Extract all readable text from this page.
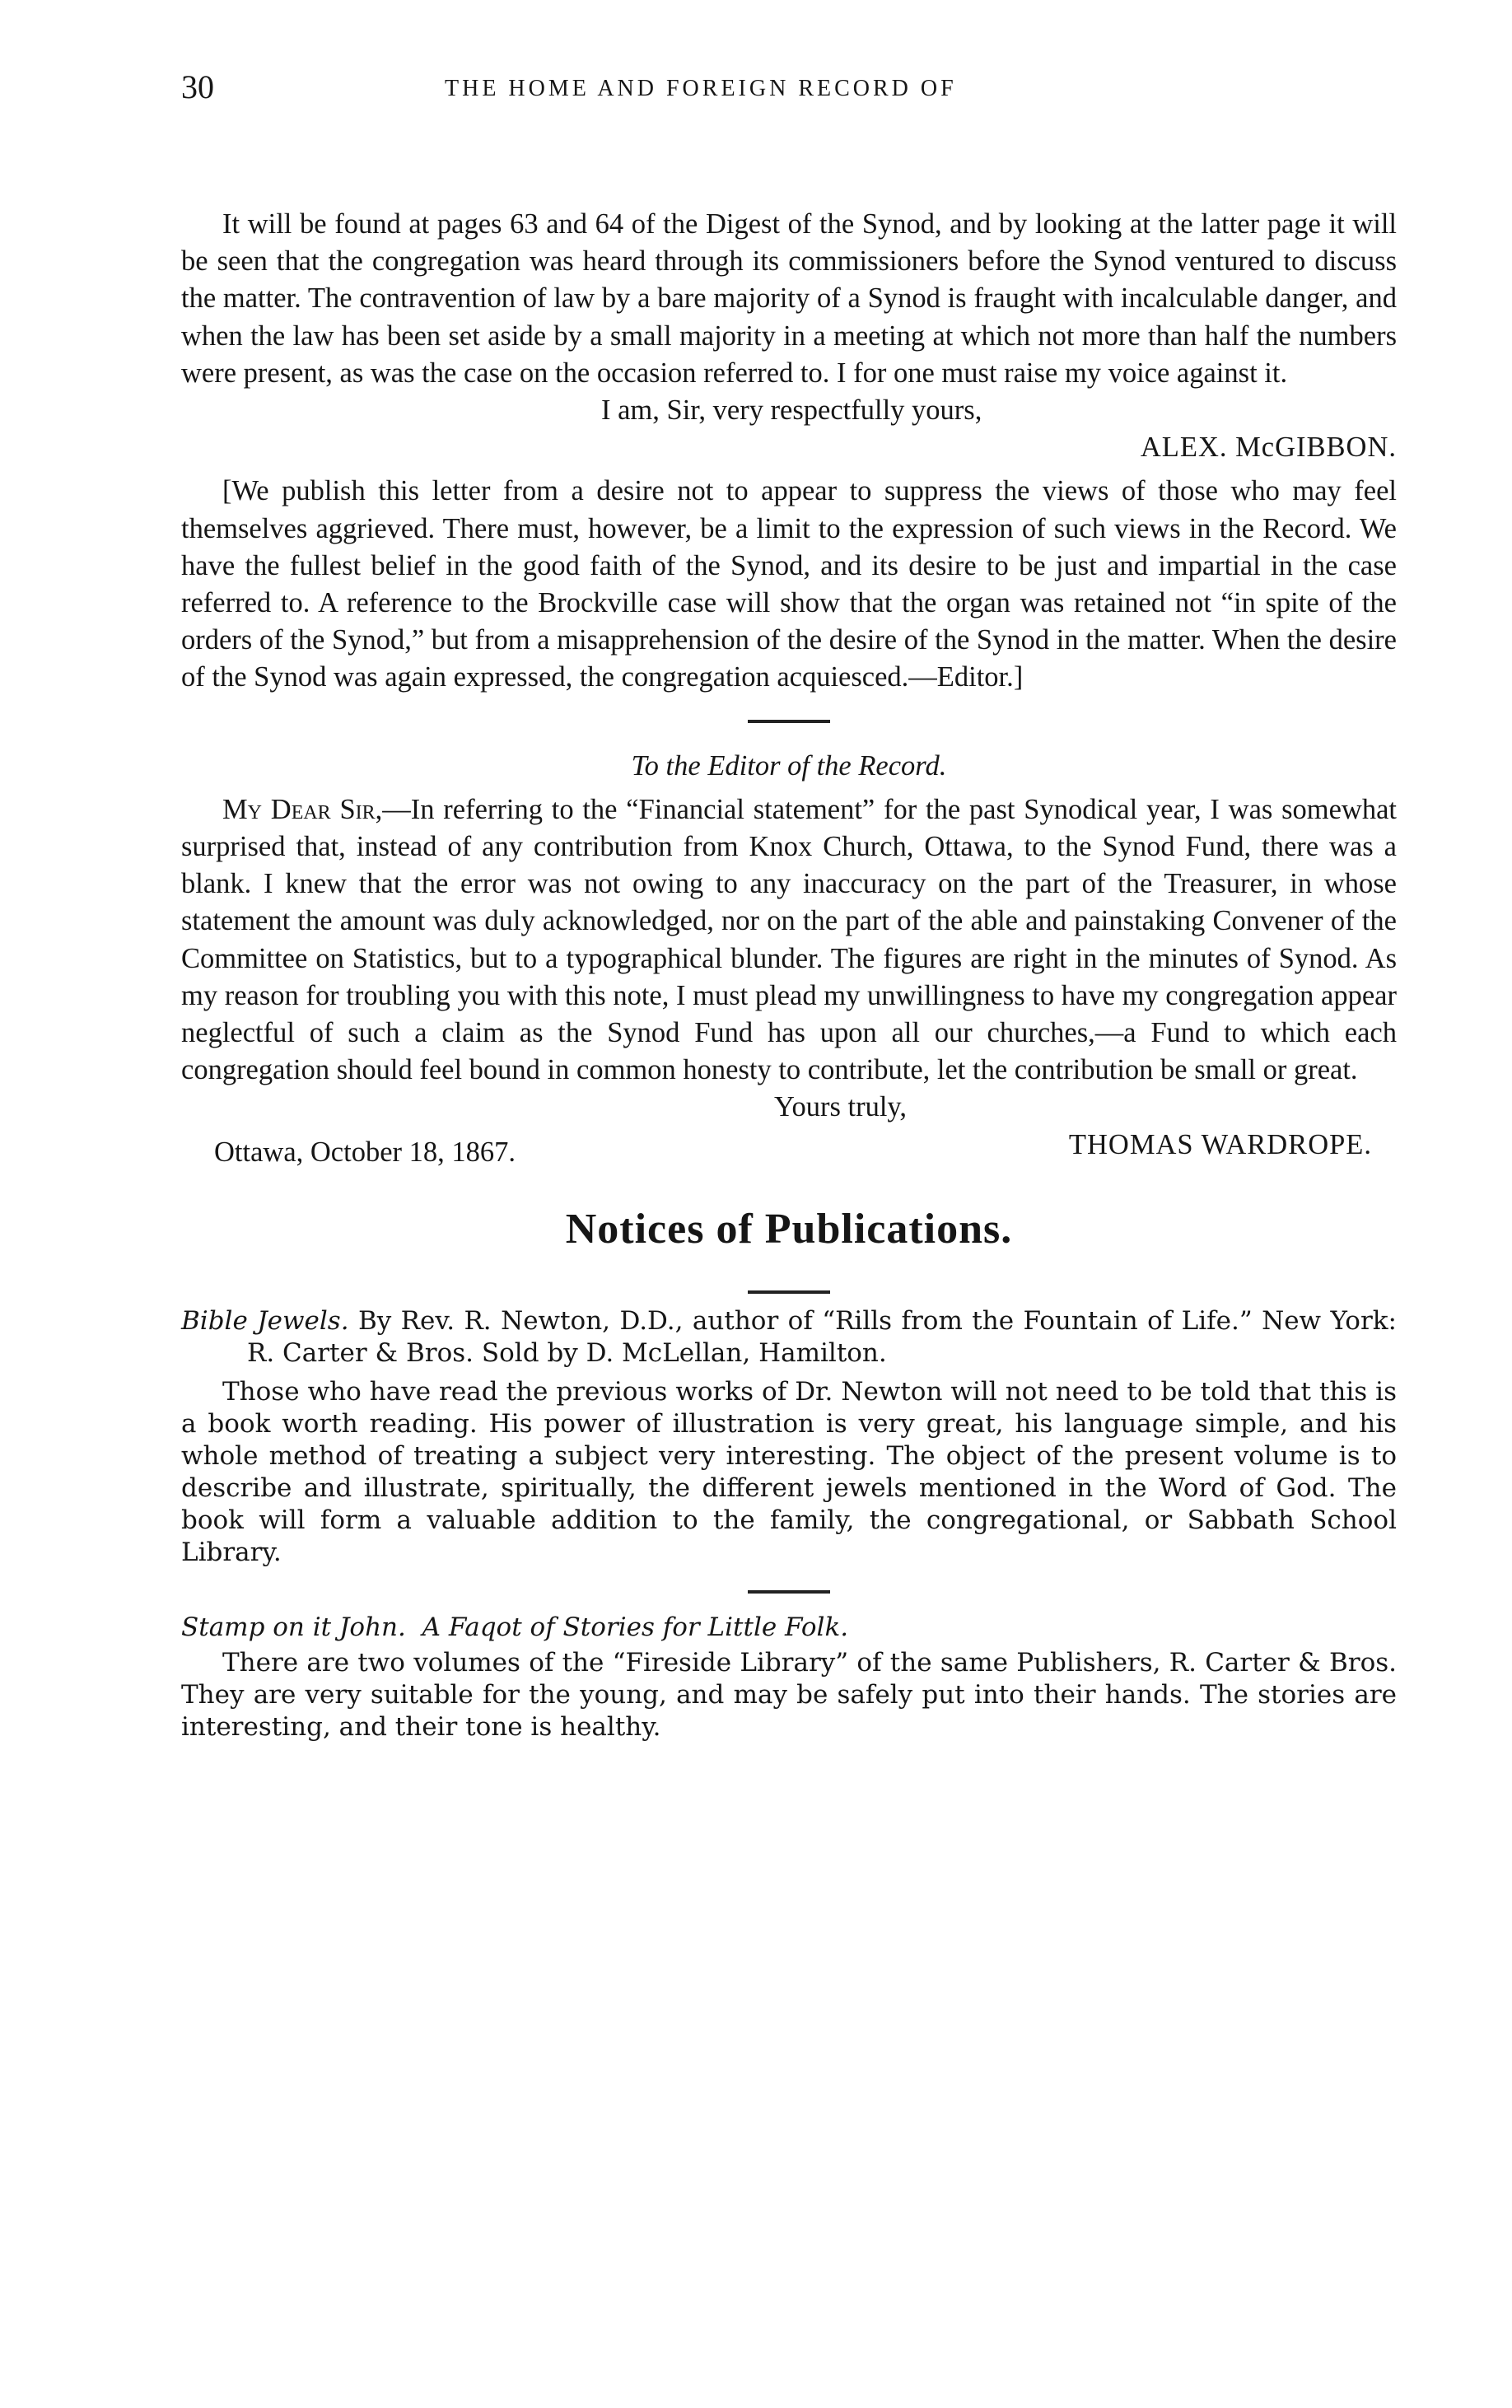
30	THE HOME AND FOREIGN RECORD OF

It will be found at pages 63 and 64 of the Digest of the Synod, and by looking at the latter page it will be seen that the congregation was heard through its commissioners before the Synod ventured to discuss the matter. The contravention of law by a bare majority of a Synod is fraught with incalculable danger, and when the law has been set aside by a small majority in a meeting at which not more than half the numbers were present, as was the case on the occasion referred to. I for one must raise my voice against it.

I am, Sir, very respectfully yours,

ALEX. McGIBBON.

[We publish this letter from a desire not to appear to suppress the views of those who may feel themselves aggrieved. There must, however, be a limit to the expression of such views in the Record. We have the fullest belief in the good faith of the Synod, and its desire to be just and impartial in the case referred to. A reference to the Brockville case will show that the organ was retained not “in spite of the orders of the Synod,” but from a misapprehension of the desire of the Synod in the matter. When the desire of the Synod was again expressed, the congregation acquiesced.—Editor.]

To the Editor of the Record.

My Dear Sir,—In referring to the “Financial statement” for the past Synodical year, I was somewhat surprised that, instead of any contribution from Knox Church, Ottawa, to the Synod Fund, there was a blank. I knew that the error was not owing to any inaccuracy on the part of the Treasurer, in whose statement the amount was duly acknowledged, nor on the part of the able and painstaking Convener of the Committee on Statistics, but to a typographical blunder. The figures are right in the minutes of Synod. As my reason for troubling you with this note, I must plead my unwillingness to have my congregation appear neglectful of such a claim as the Synod Fund has upon all our churches,—a Fund to which each congregation should feel bound in common honesty to contribute, let the contribution be small or great.

Yours truly,

THOMAS WARDROPE.

Ottawa, October 18, 1867.

Notices of Publications.

Bible Jewels. By Rev. R. Newton, D.D., author of “Rills from the Fountain of Life.” New York: R. Carter & Bros. Sold by D. McLellan, Hamilton.

Those who have read the previous works of Dr. Newton will not need to be told that this is a book worth reading. His power of illustration is very great, his language simple, and his whole method of treating a subject very interesting. The object of the present volume is to describe and illustrate, spiritually, the different jewels mentioned in the Word of God. The book will form a valuable addition to the family, the congregational, or Sabbath School Library.

Stamp on it John. A Faqot of Stories for Little Folk.

There are two volumes of the “Fireside Library” of the same Publishers, R. Carter & Bros. They are very suitable for the young, and may be safely put into their hands. The stories are interesting, and their tone is healthy.
